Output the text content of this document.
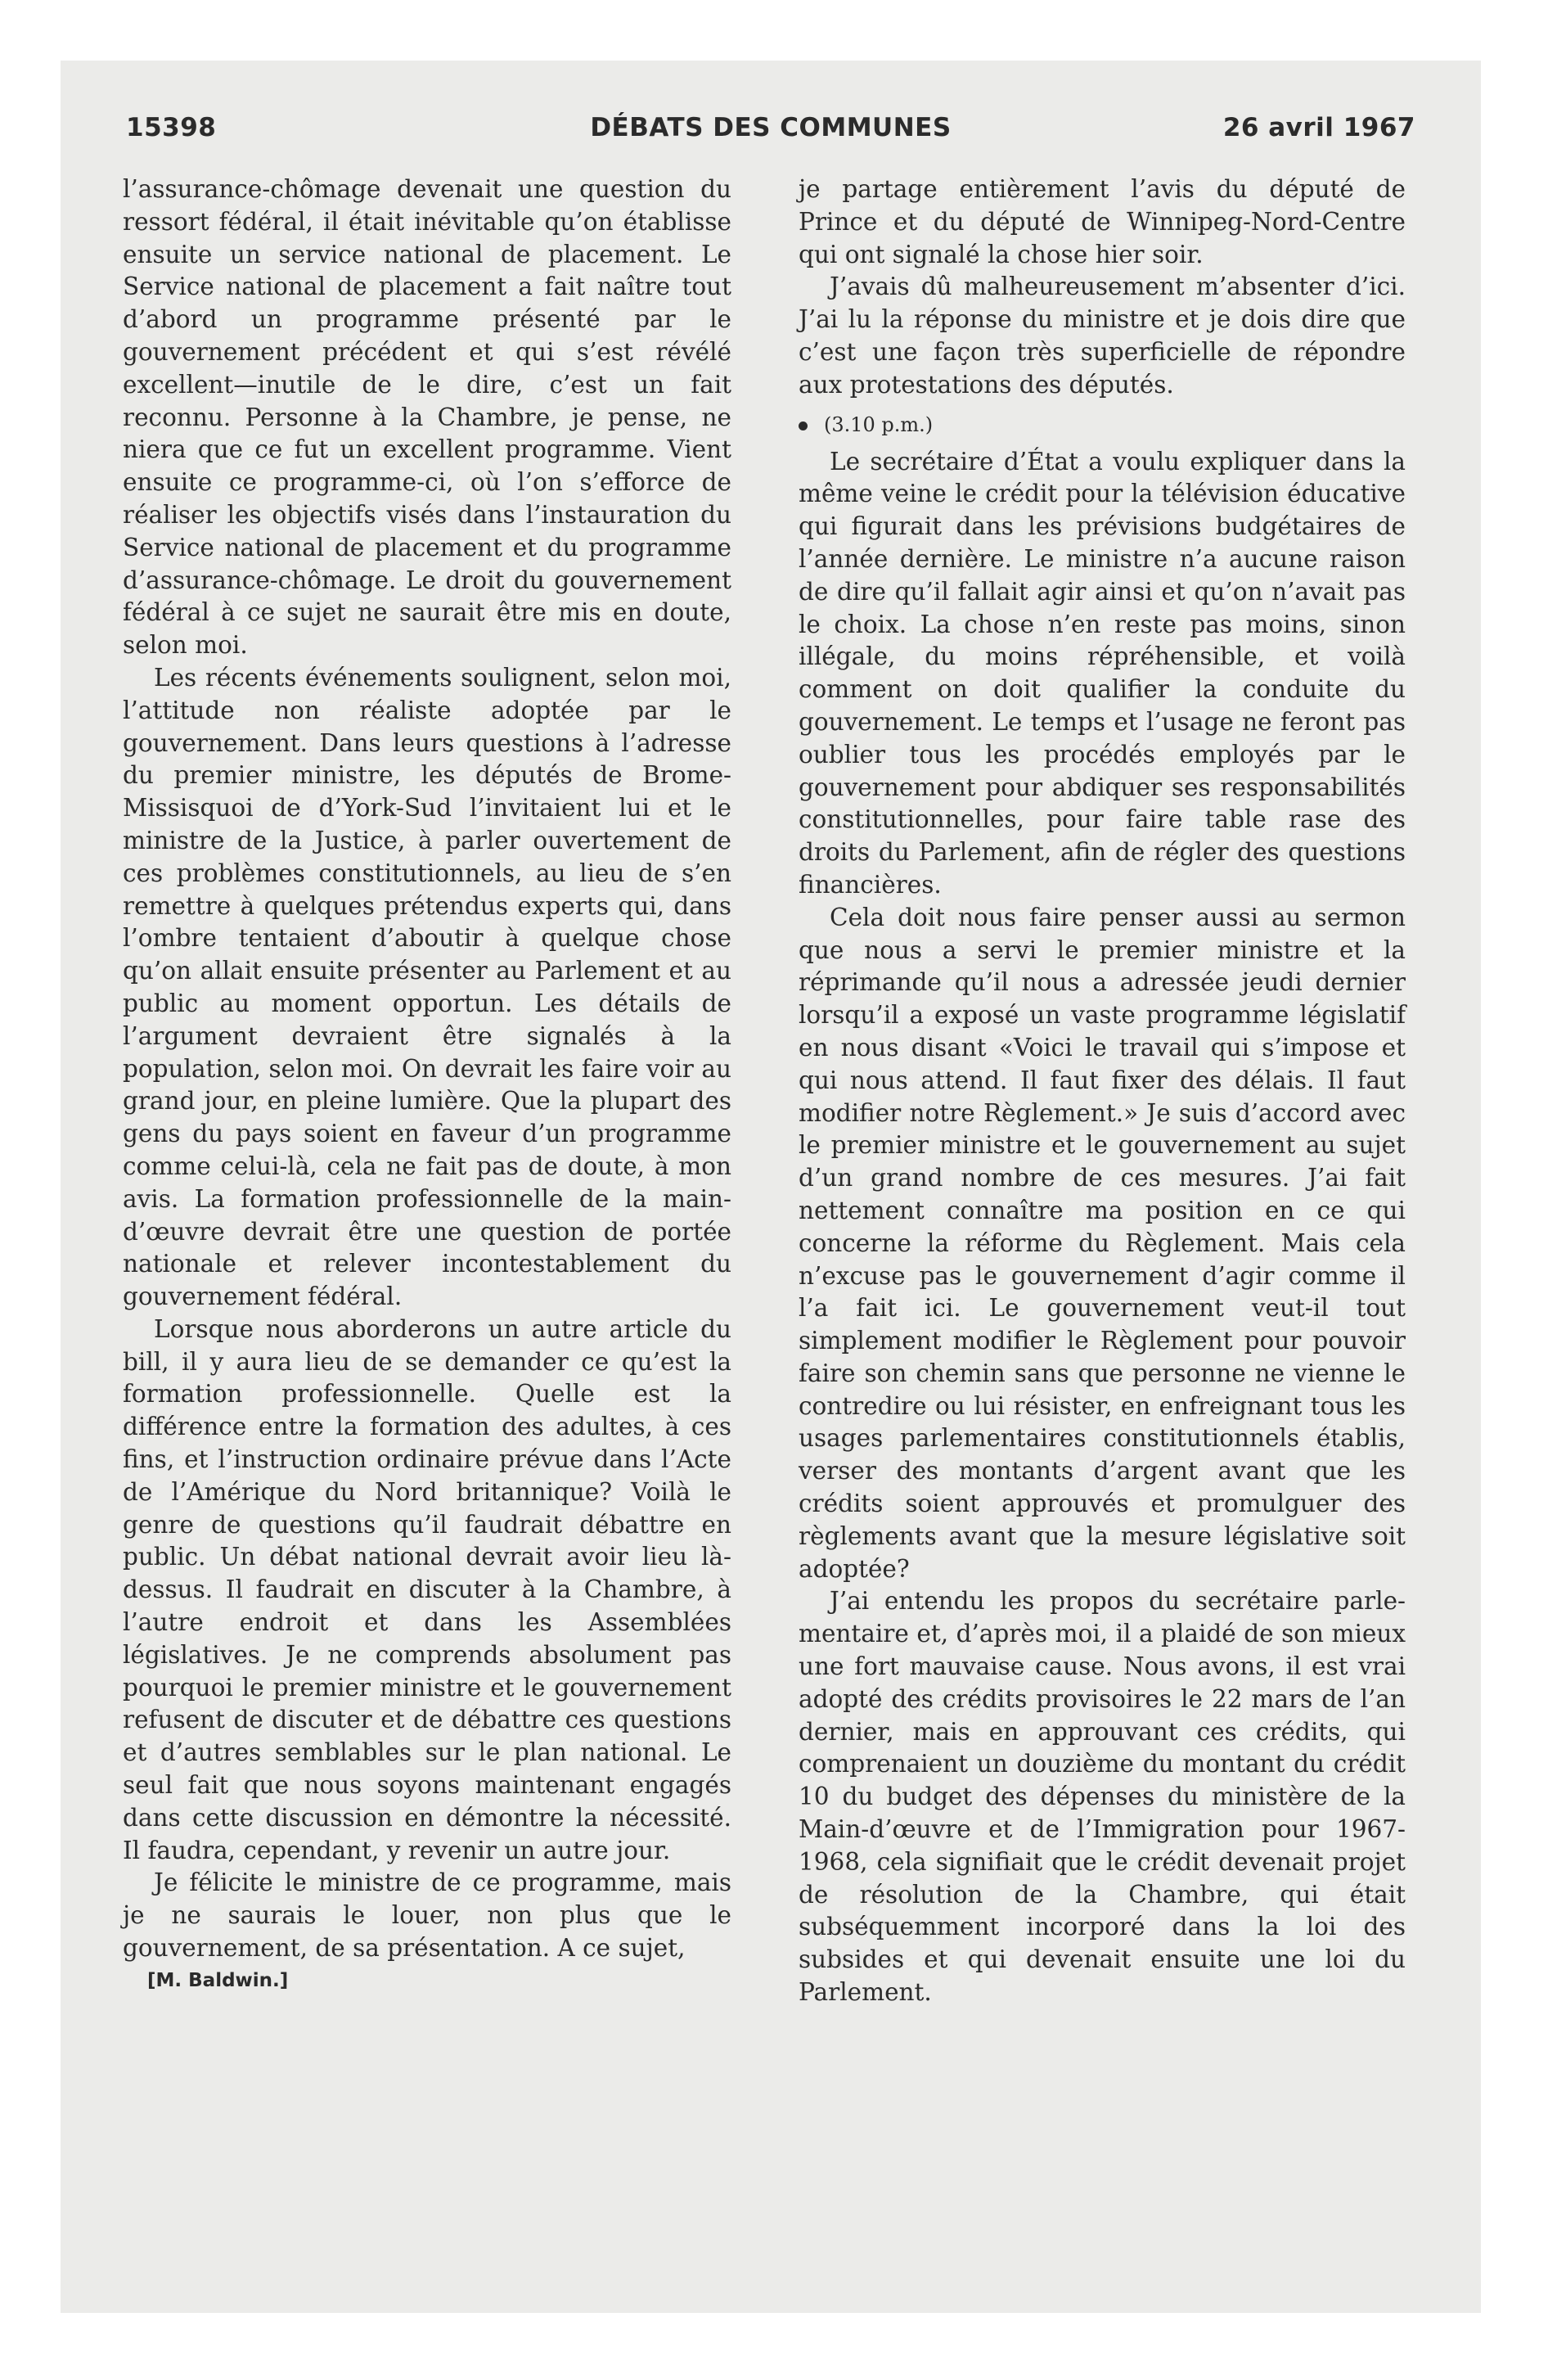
15398	DÉBATS DES COMMUNES	26 avril 1967

l’assurance-chômage devenait une question du ressort fédéral, il était inévitable qu’on établisse ensuite un service national de placement. Le Service national de placement a fait naître tout d’abord un programme présenté par le gouvernement précédent et qui s’est révélé excellent—inutile de le dire, c’est un fait reconnu. Personne à la Chambre, je pense, ne niera que ce fut un excellent programme. Vient ensuite ce programme-ci, où l’on s’efforce de réaliser les objectifs visés dans l’instauration du Service national de placement et du programme d’assurance-chômage. Le droit du gouvernement fédéral à ce sujet ne saurait être mis en doute, selon moi.

Les récents événements soulignent, selon moi, l’attitude non réaliste adoptée par le gouvernement. Dans leurs questions à l’adresse du premier ministre, les députés de Brome-Missisquoi de d’York-Sud l’invitaient lui et le ministre de la Justice, à parler ouvertement de ces problèmes constitutionnels, au lieu de s’en remettre à quelques prétendus experts qui, dans l’ombre tentaient d’aboutir à quelque chose qu’on allait ensuite présenter au Parlement et au public au moment opportun. Les détails de l’argument devraient être signalés à la population, selon moi. On devrait les faire voir au grand jour, en pleine lumière. Que la plupart des gens du pays soient en faveur d’un programme comme celui-là, cela ne fait pas de doute, à mon avis. La formation professionnelle de la main-d’œuvre devrait être une question de portée nationale et relever incontestablement du gouvernement fédéral.

Lorsque nous aborderons un autre article du bill, il y aura lieu de se demander ce qu’est la formation professionnelle. Quelle est la différence entre la formation des adultes, à ces fins, et l’instruction ordinaire prévue dans l’Acte de l’Amérique du Nord britannique? Voilà le genre de questions qu’il faudrait débattre en public. Un débat national devrait avoir lieu là-dessus. Il faudrait en discuter à la Chambre, à l’autre endroit et dans les Assemblées législatives. Je ne comprends absolument pas pourquoi le premier ministre et le gouvernement refusent de discuter et de débattre ces questions et d’autres semblables sur le plan national. Le seul fait que nous soyons maintenant engagés dans cette discussion en démontre la nécessité. Il faudra, cependant, y revenir un autre jour.

Je félicite le ministre de ce programme, mais je ne saurais le louer, non plus que le gouvernement, de sa présentation. A ce sujet,

[M. Baldwin.]

je partage entièrement l’avis du député de Prince et du député de Winnipeg-Nord-Centre qui ont signalé la chose hier soir.

J’avais dû malheureusement m’absenter d’ici. J’ai lu la réponse du ministre et je dois dire que c’est une façon très superficielle de répondre aux protestations des députés.

(3.10 p.m.)

Le secrétaire d’État a voulu expliquer dans la même veine le crédit pour la télévision éducative qui figurait dans les prévisions budgétaires de l’année dernière. Le ministre n’a aucune raison de dire qu’il fallait agir ainsi et qu’on n’avait pas le choix. La chose n’en reste pas moins, sinon illégale, du moins répréhensible, et voilà comment on doit qualifier la conduite du gouvernement. Le temps et l’usage ne feront pas oublier tous les procédés employés par le gouvernement pour abdiquer ses responsabilités constitutionnelles, pour faire table rase des droits du Parlement, afin de régler des questions financières.

Cela doit nous faire penser aussi au sermon que nous a servi le premier ministre et la réprimande qu’il nous a adressée jeudi dernier lorsqu’il a exposé un vaste programme législatif en nous disant «Voici le travail qui s’impose et qui nous attend. Il faut fixer des délais. Il faut modifier notre Règlement.» Je suis d’accord avec le premier ministre et le gouvernement au sujet d’un grand nombre de ces mesures. J’ai fait nettement connaître ma position en ce qui concerne la réforme du Règlement. Mais cela n’excuse pas le gouvernement d’agir comme il l’a fait ici. Le gouvernement veut-il tout simplement modifier le Règlement pour pouvoir faire son chemin sans que personne ne vienne le contredire ou lui résister, en enfreignant tous les usages parlementaires constitutionnels établis, verser des montants d’argent avant que les crédits soient approuvés et promulguer des règlements avant que la mesure législative soit adoptée?

J’ai entendu les propos du secrétaire parlementaire et, d’après moi, il a plaidé de son mieux une fort mauvaise cause. Nous avons, il est vrai adopté des crédits provisoires le 22 mars de l’an dernier, mais en approuvant ces crédits, qui comprenaient un douzième du montant du crédit 10 du budget des dépenses du ministère de la Main-d’œuvre et de l’Immigration pour 1967-1968, cela signifiait que le crédit devenait projet de résolution de la Chambre, qui était subséquemment incorporé dans la loi des subsides et qui devenait ensuite une loi du Parlement.
